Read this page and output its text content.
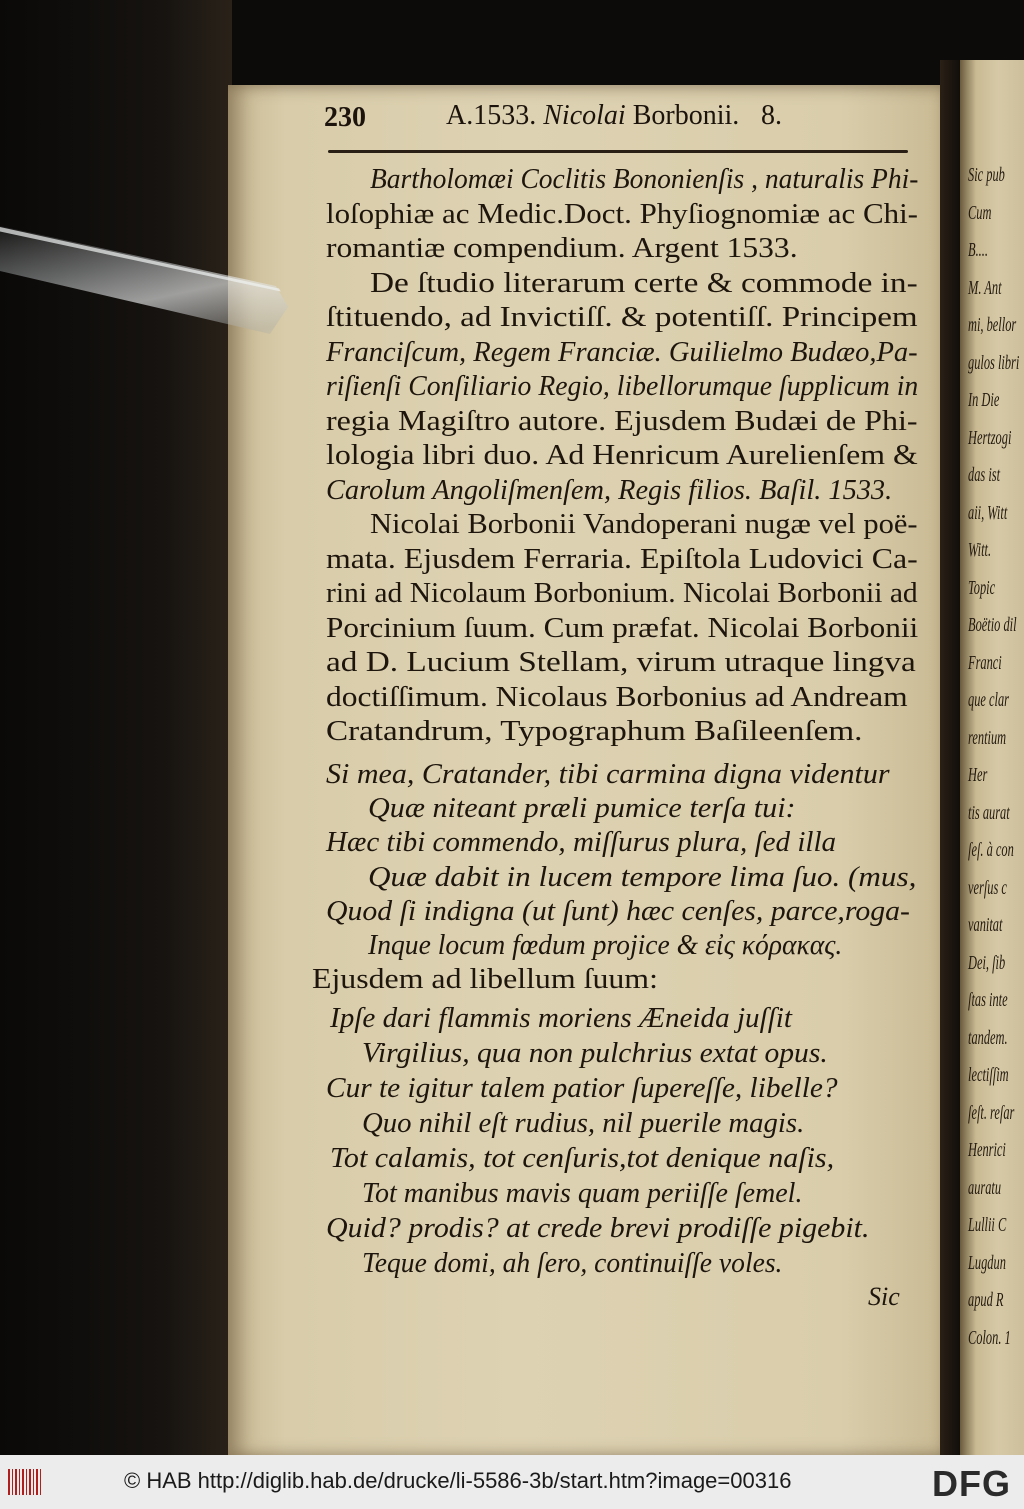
Sic pub
Cum
B....
M. Ant
mi, bellor
gulos libri
In Die
Hertzogi
das ist
aii, Witt
Witt.
Topic
Boëtio dil
Franci
que clar
rentium
Her
tis aurat
ſeſ. à con
verſus c
vanitat
Dei, ſib
ſtas inte
tandem.
lectiſſim
ſeſt. reſar
Henrici
auratu
Lullii C
Lugdun
apud R
Colon. 1
230	A.1533. Nicolai Borbonii. 8.
Bartholomæi Coclitis Bononienſis , naturalis Phi-
loſophiæ ac Medic.Doct. Phyſiognomiæ ac Chi-
romantiæ compendium. Argent 1533.
De ſtudio literarum certe & commode in-
ſtituendo, ad Invictiſſ. & potentiſſ. Principem
Franciſcum, Regem Franciæ. Guilielmo Budæo,Pa-
riſienſi Conſiliario Regio, libellorumque ſupplicum in
regia Magiſtro autore. Ejusdem Budæi de Phi-
lologia libri duo. Ad Henricum Aurelienſem &
Carolum Angoliſmenſem, Regis filios. Baſil. 1533.
Nicolai Borbonii Vandoperani nugæ vel poë-
mata. Ejusdem Ferraria. Epiſtola Ludovici Ca-
rini ad Nicolaum Borbonium. Nicolai Borbonii ad
Porcinium ſuum. Cum præfat. Nicolai Borbonii
ad D. Lucium Stellam, virum utraque lingva
doctiſſimum. Nicolaus Borbonius ad Andream
Cratandrum, Typographum Baſileenſem.
Si mea, Cratander, tibi carmina digna videntur
Quæ niteant præli pumice terſa tui:
Hæc tibi commendo, miſſurus plura, ſed illa
Quæ dabit in lucem tempore lima ſuo. (mus,
Quod ſi indigna (ut ſunt) hæc cenſes, parce,roga-
Inque locum fœdum projice & εἰς κόρακας.
Ejusdem ad libellum ſuum:
Ipſe dari flammis moriens Æneida juſſit
Virgilius, qua non pulchrius extat opus.
Cur te igitur talem patior ſupereſſe, libelle?
Quo nihil eſt rudius, nil puerile magis.
Tot calamis, tot cenſuris,tot denique naſis,
Tot manibus mavis quam periiſſe ſemel.
Quid? prodis? at crede brevi prodiſſe pigebit.
Teque domi, ah ſero, continuiſſe voles.
Sic
© HAB http://diglib.hab.de/drucke/li-5586-3b/start.htm?image=00316	DFG
